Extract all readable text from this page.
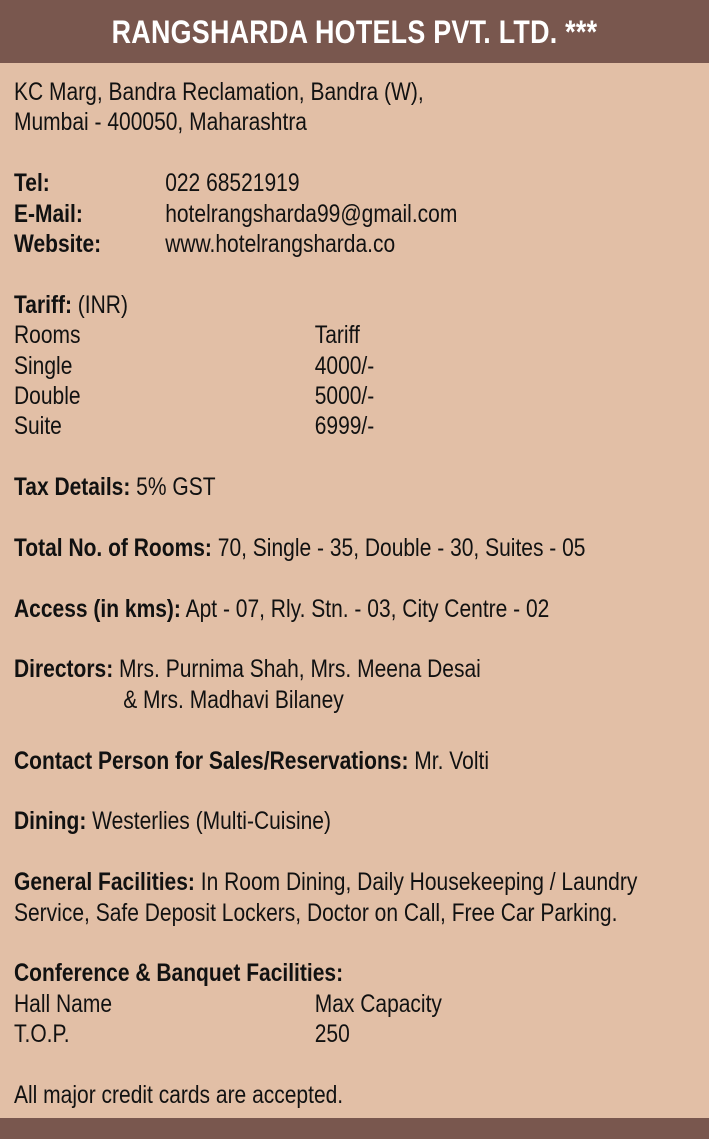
RANGSHARDA HOTELS PVT. LTD. ***
KC Marg, Bandra Reclamation, Bandra (W),
Mumbai - 400050, Maharashtra
Tel:	022 68521919
E-Mail:	hotelrangsharda99@gmail.com
Website:	www.hotelrangsharda.co
Tariff: (INR)
Rooms	Tariff
Single	4000/-
Double	5000/-
Suite	6999/-
Tax Details: 5% GST
Total No. of Rooms: 70, Single - 35, Double - 30, Suites - 05
Access (in kms): Apt - 07, Rly. Stn. - 03, City Centre - 02
Directors: Mrs. Purnima Shah, Mrs. Meena Desai
& Mrs. Madhavi Bilaney
Contact Person for Sales/Reservations: Mr. Volti
Dining: Westerlies (Multi-Cuisine)
General Facilities: In Room Dining, Daily Housekeeping / Laundry
Service, Safe Deposit Lockers, Doctor on Call, Free Car Parking.
Conference & Banquet Facilities:
Hall Name	Max Capacity
T.O.P.	250
All major credit cards are accepted.
